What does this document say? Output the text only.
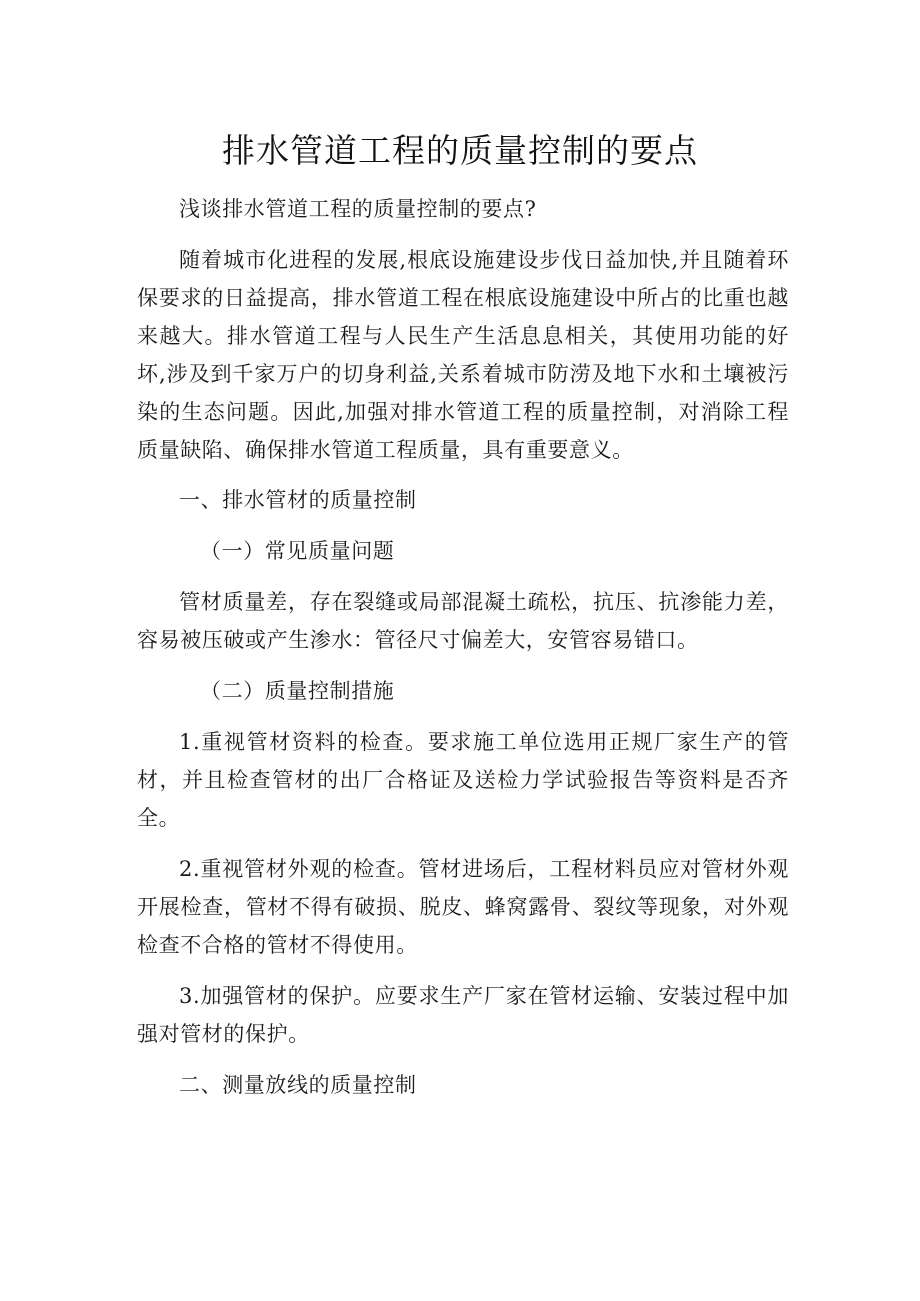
排水管道工程的质量控制的要点

浅谈排水管道工程的质量控制的要点?

随着城市化进程的发展,根底设施建设步伐日益加快,并且随着环保要求的日益提高，排水管道工程在根底设施建设中所占的比重也越来越大。排水管道工程与人民生产生活息息相关，其使用功能的好坏,涉及到千家万户的切身利益,关系着城市防涝及地下水和土壤被污染的生态问题。因此,加强对排水管道工程的质量控制，对消除工程质量缺陷、确保排水管道工程质量，具有重要意义。

一、排水管材的质量控制

（一）常见质量问题

管材质量差，存在裂缝或局部混凝土疏松，抗压、抗渗能力差，容易被压破或产生渗水：管径尺寸偏差大，安管容易错口。

（二）质量控制措施

1.重视管材资料的检查。要求施工单位选用正规厂家生产的管材，并且检查管材的出厂合格证及送检力学试验报告等资料是否齐全。

2.重视管材外观的检查。管材进场后，工程材料员应对管材外观开展检查，管材不得有破损、脱皮、蜂窝露骨、裂纹等现象，对外观检查不合格的管材不得使用。

3.加强管材的保护。应要求生产厂家在管材运输、安装过程中加强对管材的保护。

二、测量放线的质量控制
